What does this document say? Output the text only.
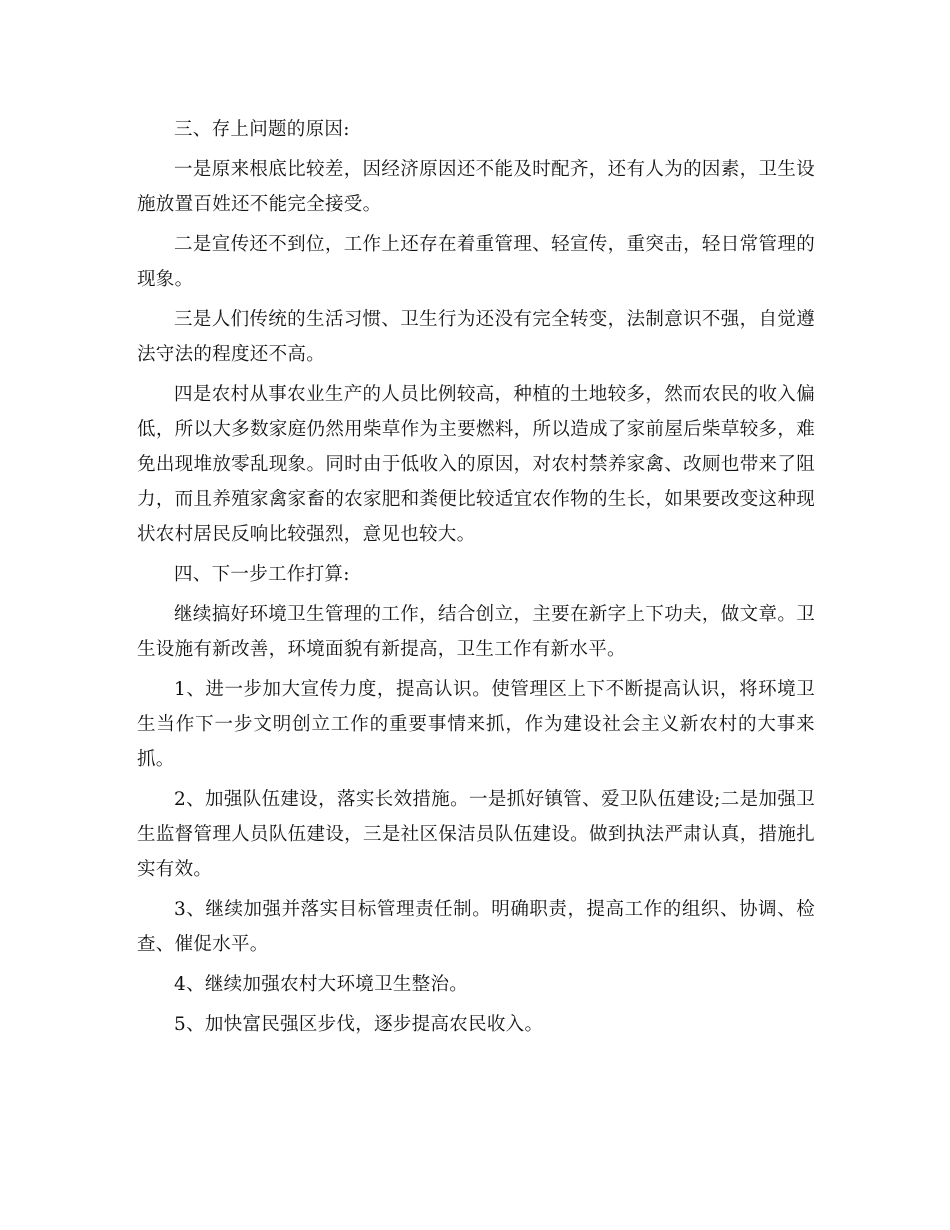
三、存上问题的原因:

一是原来根底比较差，因经济原因还不能及时配齐，还有人为的因素，卫生设施放置百姓还不能完全接受。

二是宣传还不到位，工作上还存在着重管理、轻宣传，重突击，轻日常管理的现象。

三是人们传统的生活习惯、卫生行为还没有完全转变，法制意识不强，自觉遵法守法的程度还不高。

四是农村从事农业生产的人员比例较高，种植的土地较多，然而农民的收入偏低，所以大多数家庭仍然用柴草作为主要燃料，所以造成了家前屋后柴草较多，难免出现堆放零乱现象。同时由于低收入的原因，对农村禁养家禽、改厕也带来了阻力，而且养殖家禽家畜的农家肥和粪便比较适宜农作物的生长，如果要改变这种现状农村居民反响比较强烈，意见也较大。

四、下一步工作打算:

继续搞好环境卫生管理的工作，结合创立，主要在新字上下功夫，做文章。卫生设施有新改善，环境面貌有新提高，卫生工作有新水平。

1、进一步加大宣传力度，提高认识。使管理区上下不断提高认识，将环境卫生当作下一步文明创立工作的重要事情来抓，作为建设社会主义新农村的大事来抓。

2、加强队伍建设，落实长效措施。一是抓好镇管、爱卫队伍建设;二是加强卫生监督管理人员队伍建设，三是社区保洁员队伍建设。做到执法严肃认真，措施扎实有效。

3、继续加强并落实目标管理责任制。明确职责，提高工作的组织、协调、检查、催促水平。

4、继续加强农村大环境卫生整治。

5、加快富民强区步伐，逐步提高农民收入。
